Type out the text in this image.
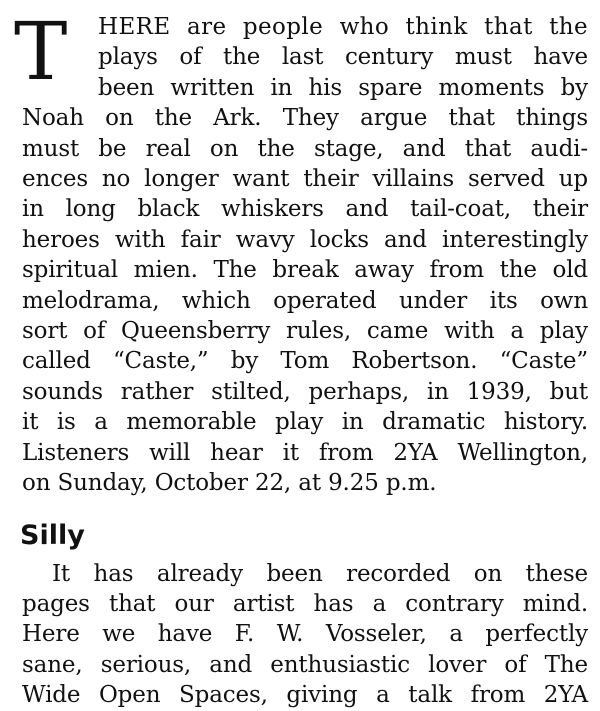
T	HERE are people who think that the
plays of the last century must have
been written in his spare moments by
Noah on the Ark. They argue that things
must be real on the stage, and that audi-
ences no longer want their villains served up
in long black whiskers and tail-coat, their
heroes with fair wavy locks and interestingly
spiritual mien. The break away from the old
melodrama, which operated under its own
sort of Queensberry rules, came with a play
called “Caste,” by Tom Robertson. “Caste”
sounds rather stilted, perhaps, in 1939, but
it is a memorable play in dramatic history.
Listeners will hear it from 2YA Wellington,
on Sunday, October 22, at 9.25 p.m.
Silly
It has already been recorded on these
pages that our artist has a contrary mind.
Here we have F. W. Vosseler, a perfectly
sane, serious, and enthusiastic lover of The
Wide Open Spaces, giving a talk from 2YA
